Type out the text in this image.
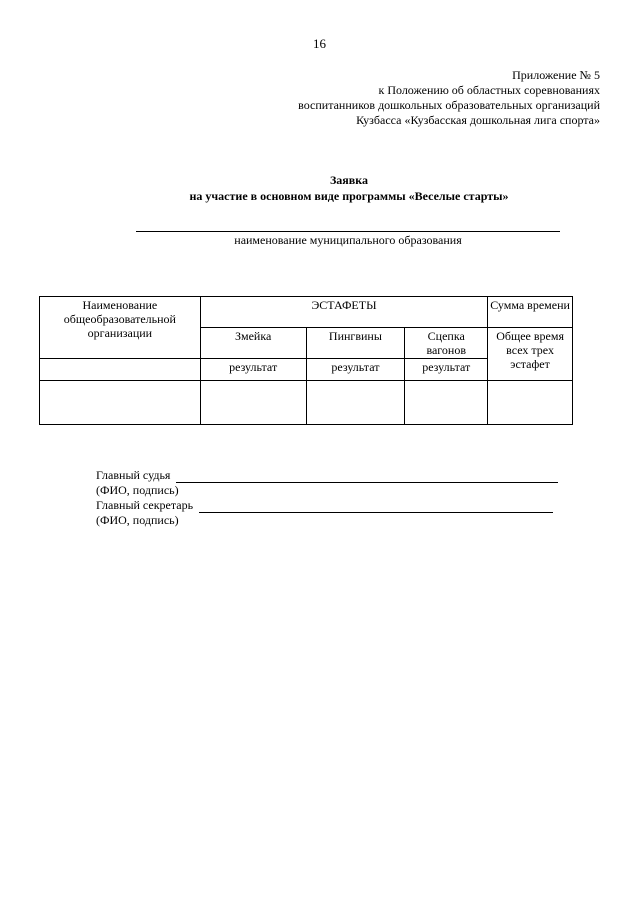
16
Приложение № 5
к Положению об областных соревнованиях
воспитанников дошкольных образовательных организаций
Кузбасса «Кузбасская дошкольная лига спорта»
Заявка
на участие в основном виде программы «Веселые старты»
наименование муниципального образования
Наименование общеобразовательной организации	ЭСТАФЕТЫ			Сумма времени
	Змейка	Пингвины	Сцепка вагонов	Общее время всех трех эстафет
	результат	результат	результат	

Главный судья
(ФИО, подпись)
Главный секретарь
(ФИО, подпись)
